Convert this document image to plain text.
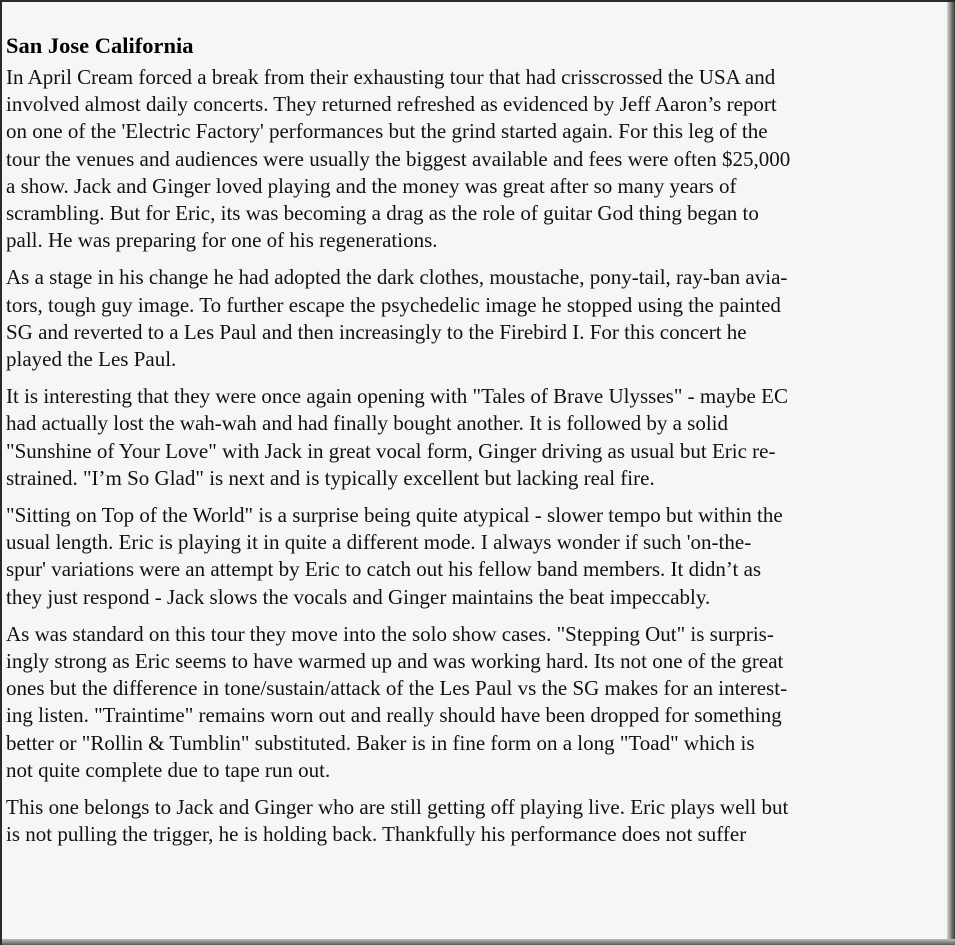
San Jose California

In April Cream forced a break from their exhausting tour that had crisscrossed the USA and
involved almost daily concerts. They returned refreshed as evidenced by Jeff Aaron’s report
on one of the 'Electric Factory' performances but the grind started again. For this leg of the
tour the venues and audiences were usually the biggest available and fees were often $25,000
a show. Jack and Ginger loved playing and the money was great after so many years of
scrambling. But for Eric, its was becoming a drag as the role of guitar God thing began to
pall. He was preparing for one of his regenerations.

As a stage in his change he had adopted the dark clothes, moustache, pony-tail, ray-ban avia-
tors, tough guy image. To further escape the psychedelic image he stopped using the painted
SG and reverted to a Les Paul and then increasingly to the Firebird I. For this concert he
played the Les Paul.

It is interesting that they were once again opening with "Tales of Brave Ulysses" - maybe EC
had actually lost the wah-wah and had finally bought another. It is followed by a solid
"Sunshine of Your Love" with Jack in great vocal form, Ginger driving as usual but Eric re-
strained. "I’m So Glad" is next and is typically excellent but lacking real fire.

"Sitting on Top of the World" is a surprise being quite atypical - slower tempo but within the
usual length. Eric is playing it in quite a different mode. I always wonder if such 'on-the-
spur' variations were an attempt by Eric to catch out his fellow band members. It didn’t as
they just respond - Jack slows the vocals and Ginger maintains the beat impeccably.

As was standard on this tour they move into the solo show cases. "Stepping Out" is surpris-
ingly strong as Eric seems to have warmed up and was working hard. Its not one of the great
ones but the difference in tone/sustain/attack of the Les Paul vs the SG makes for an interest-
ing listen. "Traintime" remains worn out and really should have been dropped for something
better or "Rollin & Tumblin" substituted. Baker is in fine form on a long "Toad" which is
not quite complete due to tape run out.

This one belongs to Jack and Ginger who are still getting off playing live. Eric plays well but
is not pulling the trigger, he is holding back. Thankfully his performance does not suffer
